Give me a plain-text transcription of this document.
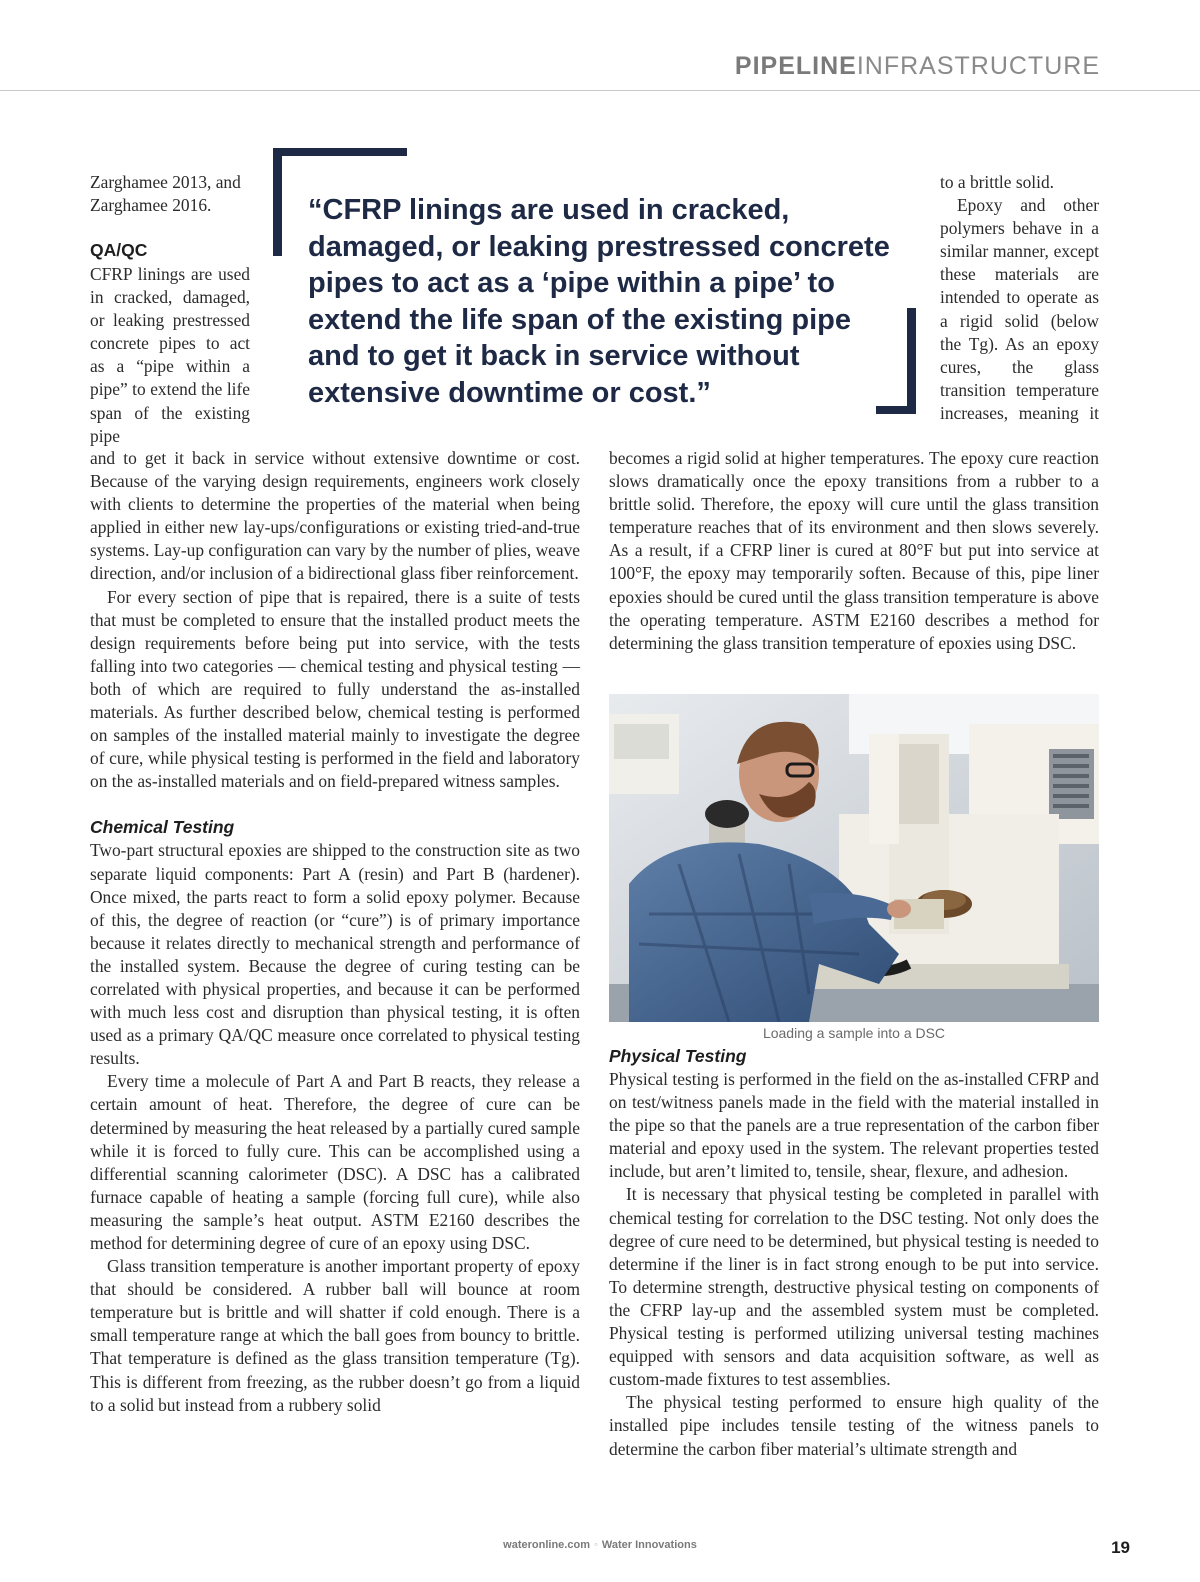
PIPELINEINFRASTRUCTURE

Zarghamee 2013, and Zarghamee 2016.

QA/QC

CFRP linings are used in cracked, damaged, or leaking prestressed concrete pipes to act as a “pipe within a pipe” to extend the life span of the existing pipe

“CFRP linings are used in cracked, damaged, or leaking prestressed concrete pipes to act as a ‘pipe within a pipe’ to extend the life span of the existing pipe and to get it back in service without extensive downtime or cost.”

to a brittle solid.

Epoxy and other polymers behave in a similar manner, except these materials are intended to operate as a rigid solid (below the Tg). As an epoxy cures, the glass transition temperature increases, meaning it

and to get it back in service without extensive downtime or cost. Because of the varying design requirements, engineers work closely with clients to determine the properties of the material when being applied in either new lay-ups/configurations or existing tried-and-true systems. Lay-up configuration can vary by the number of plies, weave direction, and/or inclusion of a bidirectional glass fiber reinforcement.

For every section of pipe that is repaired, there is a suite of tests that must be completed to ensure that the installed product meets the design requirements before being put into service, with the tests falling into two categories — chemical testing and physical testing — both of which are required to fully understand the as-installed materials. As further described below, chemical testing is performed on samples of the installed material mainly to investigate the degree of cure, while physical testing is performed in the field and laboratory on the as-installed materials and on field-prepared witness samples.

Chemical Testing

Two-part structural epoxies are shipped to the construction site as two separate liquid components: Part A (resin) and Part B (hardener). Once mixed, the parts react to form a solid epoxy polymer. Because of this, the degree of reaction (or “cure”) is of primary importance because it relates directly to mechanical strength and performance of the installed system. Because the degree of curing testing can be correlated with physical properties, and because it can be performed with much less cost and disruption than physical testing, it is often used as a primary QA/QC measure once correlated to physical testing results.

Every time a molecule of Part A and Part B reacts, they release a certain amount of heat. Therefore, the degree of cure can be determined by measuring the heat released by a partially cured sample while it is forced to fully cure. This can be accomplished using a differential scanning calorimeter (DSC). A DSC has a calibrated furnace capable of heating a sample (forcing full cure), while also measuring the sample’s heat output. ASTM E2160 describes the method for determining degree of cure of an epoxy using DSC.

Glass transition temperature is another important property of epoxy that should be considered. A rubber ball will bounce at room temperature but is brittle and will shatter if cold enough. There is a small temperature range at which the ball goes from bouncy to brittle. That temperature is defined as the glass transition temperature (Tg). This is different from freezing, as the rubber doesn’t go from a liquid to a solid but instead from a rubbery solid

becomes a rigid solid at higher temperatures. The epoxy cure reaction slows dramatically once the epoxy transitions from a rubber to a brittle solid. Therefore, the epoxy will cure until the glass transition temperature reaches that of its environment and then slows severely. As a result, if a CFRP liner is cured at 80°F but put into service at 100°F, the epoxy may temporarily soften. Because of this, pipe liner epoxies should be cured until the glass transition temperature is above the operating temperature. ASTM E2160 describes a method for determining the glass transition temperature of epoxies using DSC.

Loading a sample into a DSC
Physical Testing

Physical testing is performed in the field on the as-installed CFRP and on test/witness panels made in the field with the material installed in the pipe so that the panels are a true representation of the carbon fiber material and epoxy used in the system. The relevant properties tested include, but aren’t limited to, tensile, shear, flexure, and adhesion.

It is necessary that physical testing be completed in parallel with chemical testing for correlation to the DSC testing. Not only does the degree of cure need to be determined, but physical testing is needed to determine if the liner is in fact strong enough to be put into service. To determine strength, destructive physical testing on components of the CFRP lay-up and the assembled system must be completed. Physical testing is performed utilizing universal testing machines equipped with sensors and data acquisition software, as well as custom-made fixtures to test assemblies.

The physical testing performed to ensure high quality of the installed pipe includes tensile testing of the witness panels to determine the carbon fiber material’s ultimate strength and

wateronline.com ◦ Water Innovations	19
